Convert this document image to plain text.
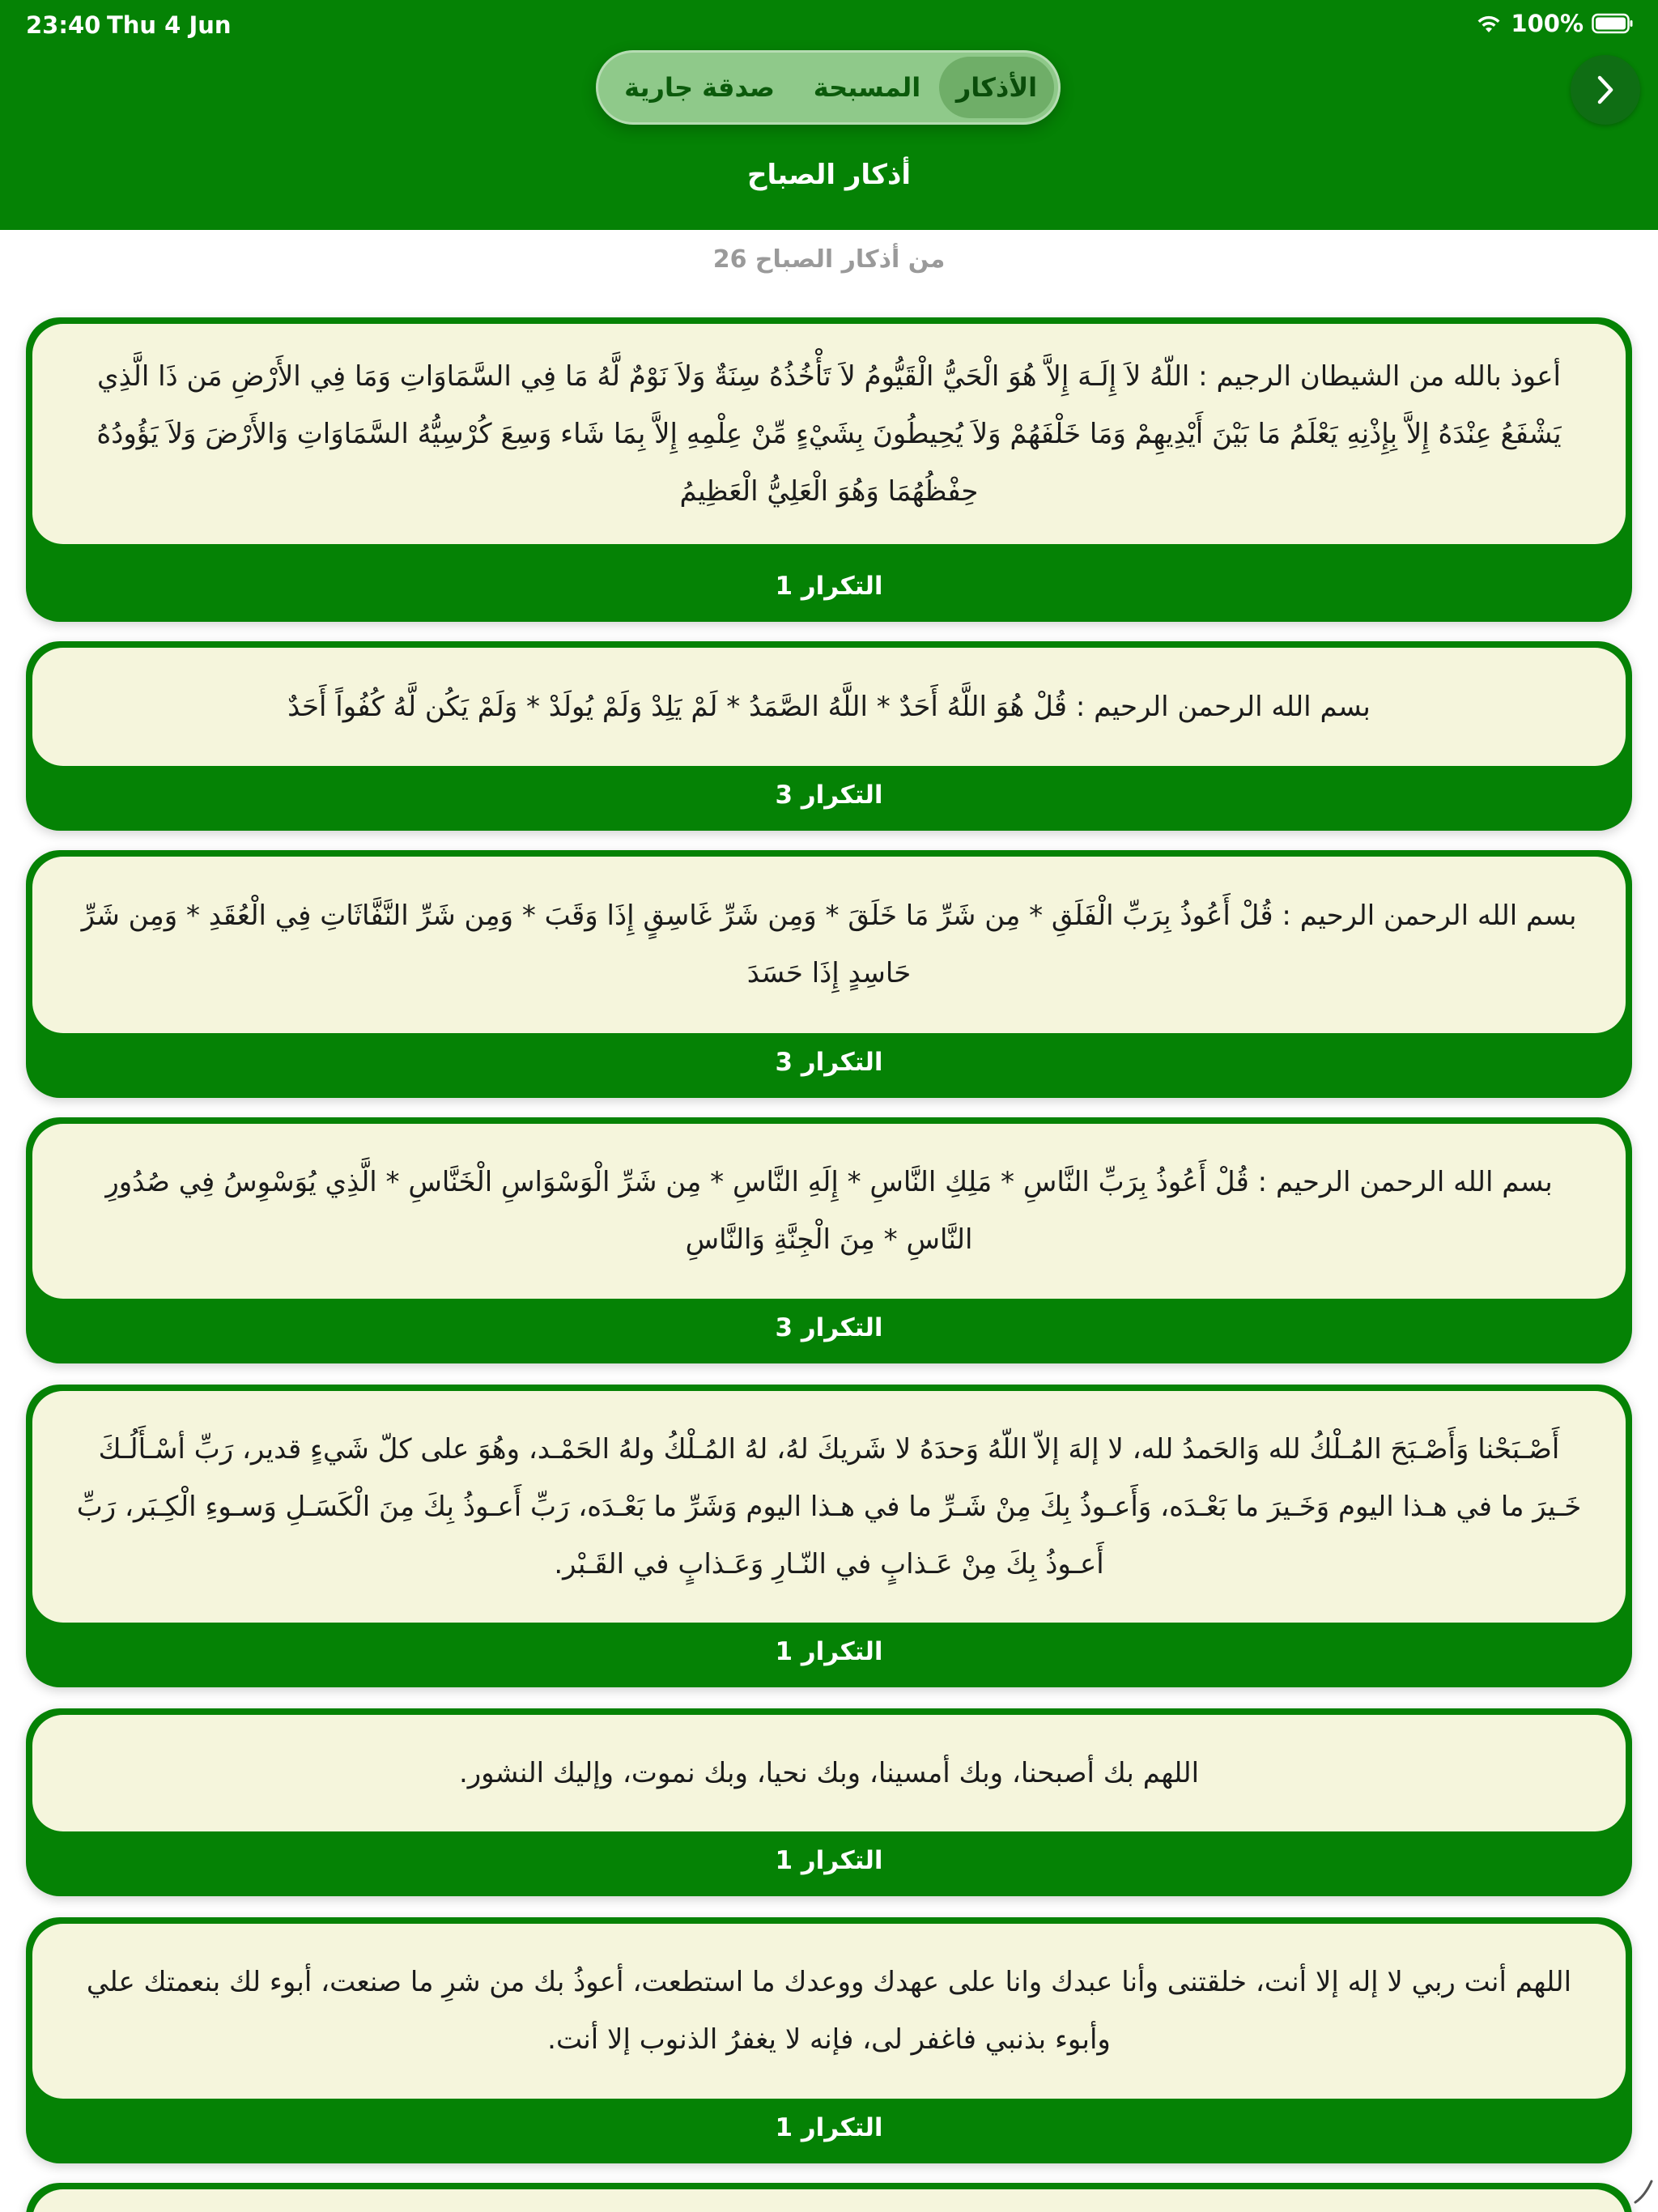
23:40 Thu 4 Jun	100%
صدقة جارية	المسبحة	الأذكار
أذكار الصباح
26 من أذكار الصباح
أعوذ بالله من الشيطان الرجيم : اللّهُ لاَ إِلَـهَ إِلاَّ هُوَ الْحَيُّ الْقَيُّومُ لاَ تَأْخُذُهُ سِنَةٌ وَلاَ نَوْمٌ لَّهُ مَا فِي السَّمَاوَاتِ وَمَا فِي الأَرْضِ مَن ذَا الَّذِي يَشْفَعُ عِنْدَهُ إِلاَّ بِإِذْنِهِ يَعْلَمُ مَا بَيْنَ أَيْدِيهِمْ وَمَا خَلْفَهُمْ وَلاَ يُحِيطُونَ بِشَيْءٍ مِّنْ عِلْمِهِ إِلاَّ بِمَا شَاء وَسِعَ كُرْسِيُّهُ السَّمَاوَاتِ وَالأَرْضَ وَلاَ يَؤُودُهُ حِفْظُهُمَا وَهُوَ الْعَلِيُّ الْعَظِيمُ
التكرار 1
بسم الله الرحمن الرحيم : قُلْ هُوَ اللَّهُ أَحَدٌ * اللَّهُ الصَّمَدُ * لَمْ يَلِدْ وَلَمْ يُولَدْ * وَلَمْ يَكُن لَّهُ كُفُواً أَحَدٌ
التكرار 3
بسم الله الرحمن الرحيم : قُلْ أَعُوذُ بِرَبِّ الْفَلَقِ * مِن شَرِّ مَا خَلَقَ * وَمِن شَرِّ غَاسِقٍ إِذَا وَقَبَ * وَمِن شَرِّ النَّفَّاثَاتِ فِي الْعُقَدِ * وَمِن شَرِّ حَاسِدٍ إِذَا حَسَدَ
التكرار 3
بسم الله الرحمن الرحيم : قُلْ أَعُوذُ بِرَبِّ النَّاسِ * مَلِكِ النَّاسِ * إِلَهِ النَّاسِ * مِن شَرِّ الْوَسْوَاسِ الْخَنَّاسِ * الَّذِي يُوَسْوِسُ فِي صُدُورِ النَّاسِ * مِنَ الْجِنَّةِ وَالنَّاسِ
التكرار 3
أَصْـبَحْنا وَأَصْـبَحَ المُـلْكُ لله وَالحَمدُ لله، لا إلهَ إلاّ اللّهُ وَحدَهُ لا شَريكَ لهُ، لهُ المُـلْكُ ولهُ الحَمْـد، وهُوَ على كلّ شَيءٍ قدير، رَبِّ أسْـأَلُـكَ خَـيرَ ما في هـذا اليوم وَخَـيرَ ما بَعْـدَه، وَأَعـوذُ بِكَ مِنْ شَـرِّ ما في هـذا اليوم وَشَرِّ ما بَعْـدَه، رَبِّ أَعـوذُ بِكَ مِنَ الْكَسَـلِ وَسـوءِ الْكِـبَر، رَبِّ أَعـوذُ بِكَ مِنْ عَـذابٍ في النّـارِ وَعَـذابٍ في القَـبْر.
التكرار 1
اللهم بك أصبحنا، وبك أمسينا، وبك نحيا، وبك نموت، وإليك النشور.
التكرار 1
اللهم أنت ربي لا إله إلا أنت، خلقتنى وأنا عبدك وانا على عهدك ووعدك ما استطعت، أعوذُ بك من شرِ ما صنعت، أبوء لك بنعمتك علي وأبوء بذنبي فاغفر لى، فإنه لا يغفرُ الذنوب إلا أنت.
التكرار 1
